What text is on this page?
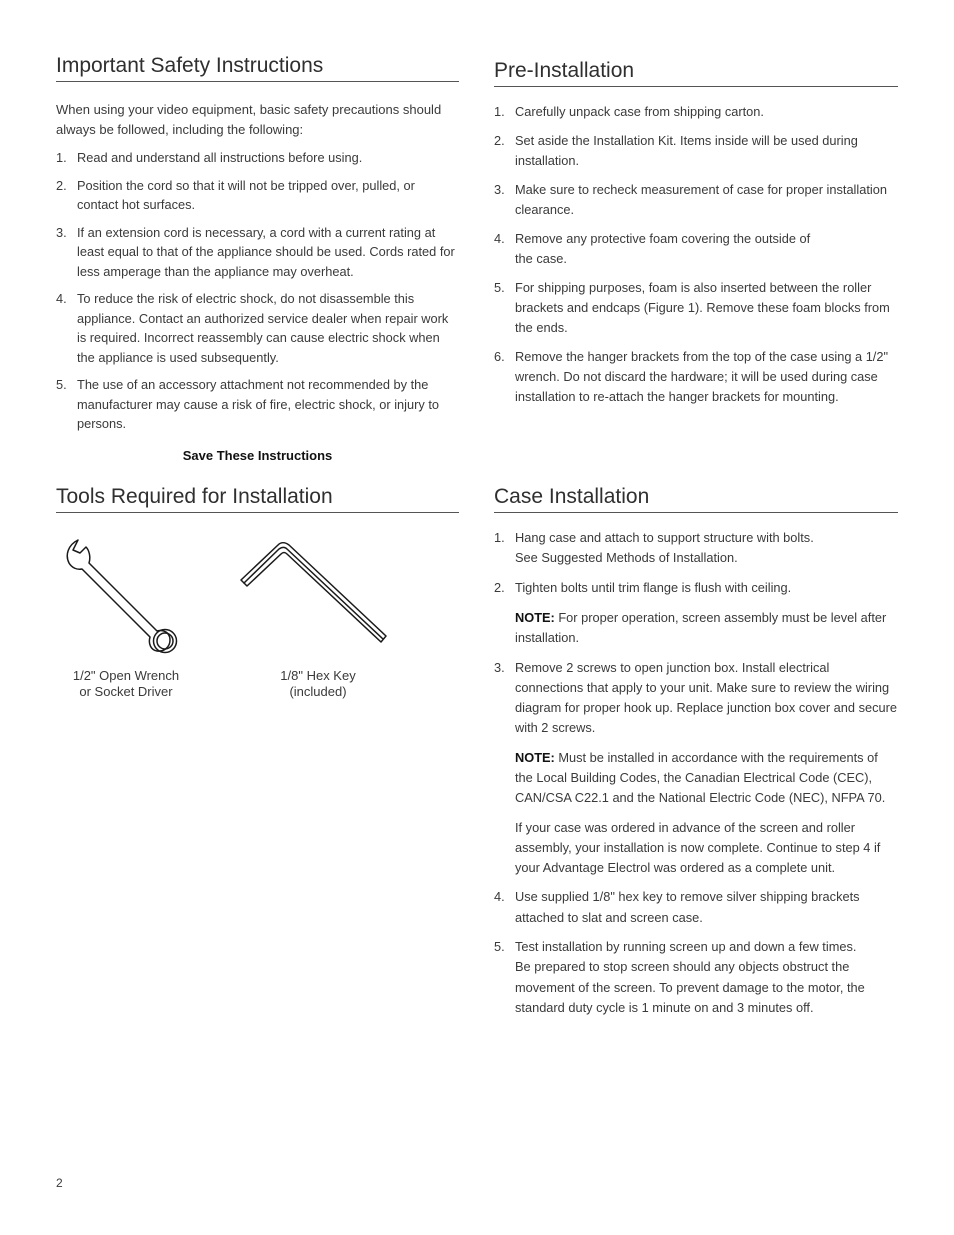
Important Safety Instructions

When using your video equipment, basic safety precautions should always be followed, including the following:

1. Read and understand all instructions before using.
2. Position the cord so that it will not be tripped over, pulled, or contact hot surfaces.
3. If an extension cord is necessary, a cord with a current rating at least equal to that of the appliance should be used. Cords rated for less amperage than the appliance may overheat.
4. To reduce the risk of electric shock, do not disassemble this appliance. Contact an authorized service dealer when repair work is required. Incorrect reassembly can cause electric shock when the appliance is used subsequently.
5. The use of an accessory attachment not recommended by the manufacturer may cause a risk of fire, electric shock, or injury to persons.
Save These Instructions
Pre-Installation
1. Carefully unpack case from shipping carton.
2. Set aside the Installation Kit. Items inside will be used during installation.
3. Make sure to recheck measurement of case for proper installation clearance.
4. Remove any protective foam covering the outside of the case.
5. For shipping purposes, foam is also inserted between the roller brackets and endcaps (Figure 1). Remove these foam blocks from the ends.
6. Remove the hanger brackets from the top of the case using a 1/2" wrench. Do not discard the hardware; it will be used during case installation to re-attach the hanger brackets for mounting.
Tools Required for Installation
1/2" Open Wrench
or Socket Driver
1/8" Hex Key
(included)
Case Installation
1. Hang case and attach to support structure with bolts.
See Suggested Methods of Installation.
2. Tighten bolts until trim flange is flush with ceiling.

NOTE: For proper operation, screen assembly must be level after installation.

3. Remove 2 screws to open junction box. Install electrical connections that apply to your unit. Make sure to review the wiring diagram for proper hook up. Replace junction box cover and secure with 2 screws.

NOTE: Must be installed in accordance with the requirements of the Local Building Codes, the Canadian Electrical Code (CEC), CAN/CSA C22.1 and the National Electric Code (NEC), NFPA 70.

If your case was ordered in advance of the screen and roller assembly, your installation is now complete. Continue to step 4 if your Advantage Electrol was ordered as a complete unit.

4. Use supplied 1/8" hex key to remove silver shipping brackets attached to slat and screen case.
5. Test installation by running screen up and down a few times.
Be prepared to stop screen should any objects obstruct the movement of the screen. To prevent damage to the motor, the standard duty cycle is 1 minute on and 3 minutes off.
2
